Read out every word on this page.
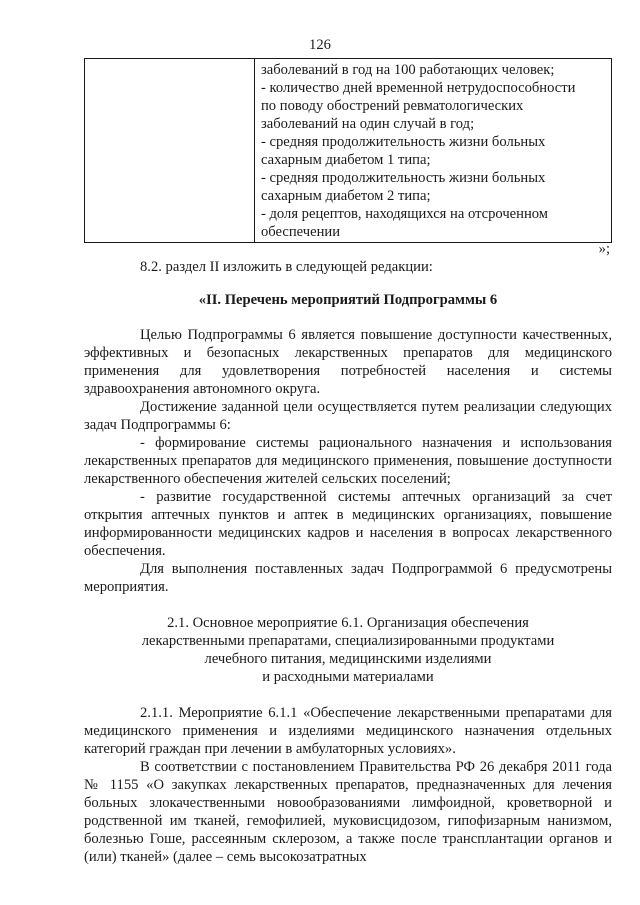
126

заболеваний в год на 100 работающих человек;
- количество дней временной нетрудоспособности
по поводу обострений ревматологических
заболеваний на один случай в год;
- средняя продолжительность жизни больных
сахарным диабетом 1 типа;
- средняя продолжительность жизни больных
сахарным диабетом 2 типа;
- доля рецептов, находящихся на отсроченном
обеспечении
»;

8.2. раздел II изложить в следующей редакции:

«II. Перечень мероприятий Подпрограммы 6

Целью Подпрограммы 6 является повышение доступности качественных, эффективных и безопасных лекарственных препаратов для медицинского применения для удовлетворения потребностей населения и системы здравоохранения автономного округа.

Достижение заданной цели осуществляется путем реализации следующих задач Подпрограммы 6:

- формирование системы рационального назначения и использования лекарственных препаратов для медицинского применения, повышение доступности лекарственного обеспечения жителей сельских поселений;

- развитие государственной системы аптечных организаций за счет открытия аптечных пунктов и аптек в медицинских организациях, повышение информированности медицинских кадров и населения в вопросах лекарственного обеспечения.

Для выполнения поставленных задач Подпрограммой 6 предусмотрены мероприятия.

2.1. Основное мероприятие 6.1. Организация обеспечения
лекарственными препаратами, специализированными продуктами
лечебного питания, медицинскими изделиями
и расходными материалами

2.1.1. Мероприятие 6.1.1 «Обеспечение лекарственными препаратами для медицинского применения и изделиями медицинского назначения отдельных категорий граждан при лечении в амбулаторных условиях».

В соответствии с постановлением Правительства РФ 26 декабря 2011 года № 1155 «О закупках лекарственных препаратов, предназначенных для лечения больных злокачественными новообразованиями лимфоидной, кроветворной и родственной им тканей, гемофилией, муковисцидозом, гипофизарным нанизмом, болезнью Гоше, рассеянным склерозом, а также после трансплантации органов и (или) тканей» (далее – семь высокозатратных
